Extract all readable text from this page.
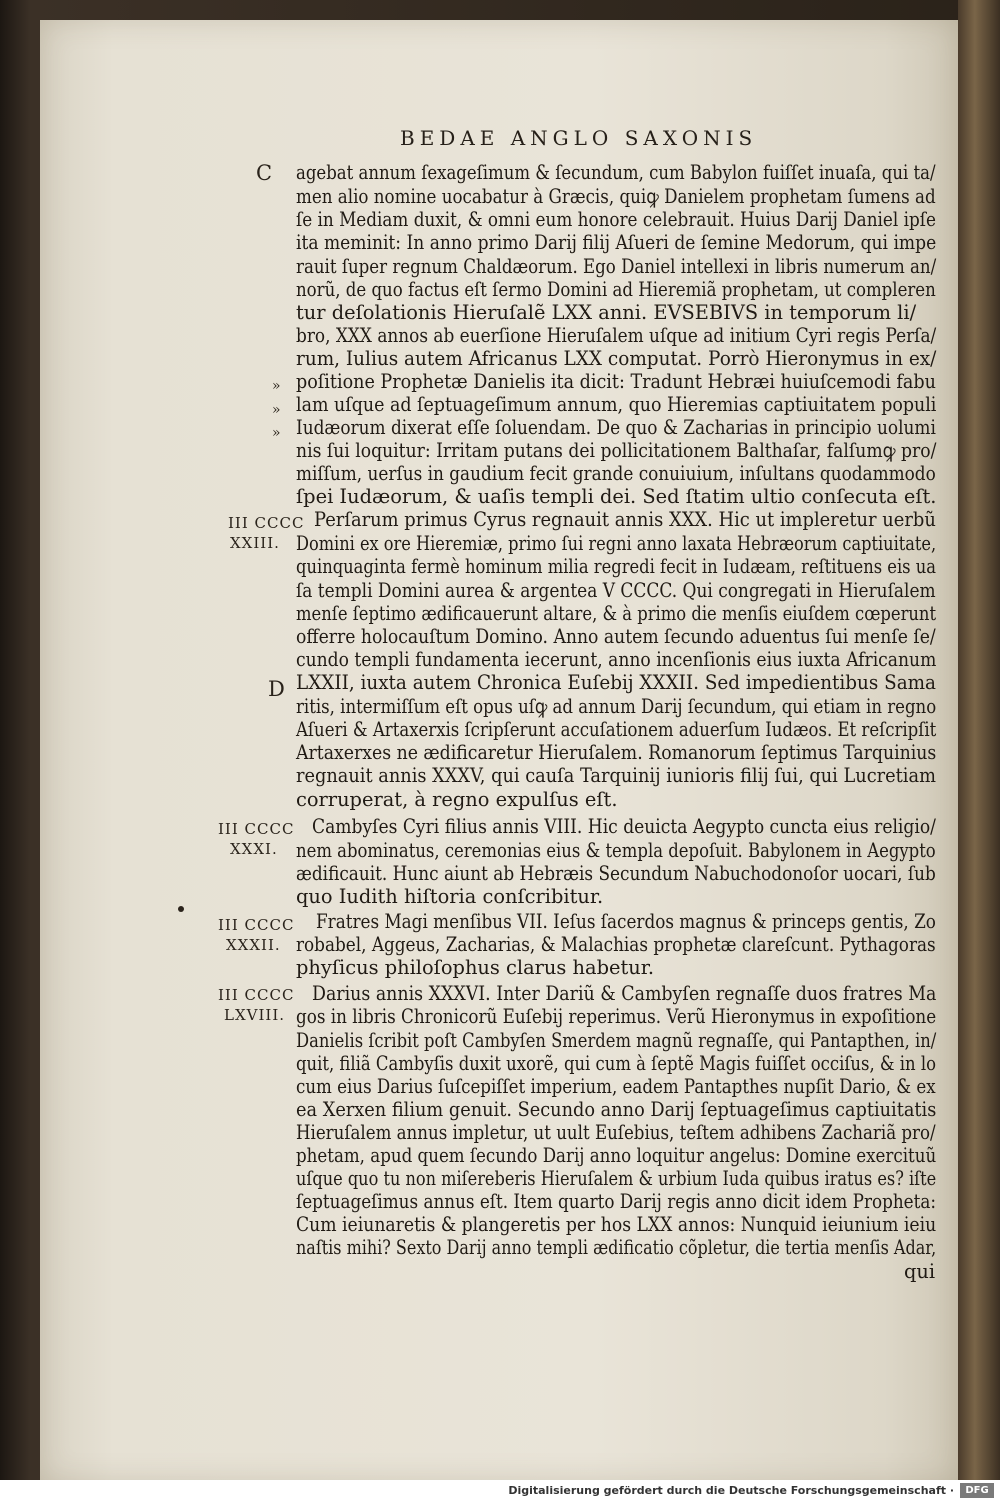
BEDAE ANGLO SAXONIS
agebat annum ſexageſimum & ſecundum, cum Babylon fuiſſet inuaſa, qui ta/
men alio nomine uocabatur à Græcis, quiꝙ Danielem prophetam ſumens ad
ſe in Mediam duxit, & omni eum honore celebrauit. Huius Darij Daniel ipſe
ita meminit: In anno primo Darij filij Aſueri de ſemine Medorum, qui impe
rauit ſuper regnum Chaldæorum. Ego Daniel intellexi in libris numerum an/
norũ, de quo factus eſt ſermo Domini ad Hieremiã prophetam, ut compleren
tur deſolationis Hieruſalẽ LXX anni. EVSEBIVS in temporum li/
bro, XXX annos ab euerſione Hieruſalem uſque ad initium Cyri regis Perſa/
rum, Iulius autem Africanus LXX computat. Porrò Hieronymus in ex/
poſitione Prophetæ Danielis ita dicit: Tradunt Hebræi huiuſcemodi fabu
lam uſque ad ſeptuageſimum annum, quo Hieremias captiuitatem populi
Iudæorum dixerat eſſe ſoluendam. De quo & Zacharias in principio uolumi
nis ſui loquitur: Irritam putans dei pollicitationem Balthaſar, falſumꝙ pro/
miſſum, uerſus in gaudium fecit grande conuiuium, inſultans quodammodo
ſpei Iudæorum, & uaſis templi dei. Sed ſtatim ultio conſecuta eſt.
Perſarum primus Cyrus regnauit annis XXX. Hic ut impleretur uerbũ
Domini ex ore Hieremiæ, primo ſui regni anno laxata Hebræorum captiuitate,
quinquaginta fermè hominum milia regredi fecit in Iudæam, reſtituens eis ua
ſa templi Domini aurea & argentea V CCCC. Qui congregati in Hieruſalem
menſe ſeptimo ædificauerunt altare, & à primo die menſis eiuſdem cœperunt
offerre holocauſtum Domino. Anno autem ſecundo aduentus ſui menſe ſe/
cundo templi fundamenta iecerunt, anno incenſionis eius iuxta Africanum
LXXII, iuxta autem Chronica Euſebij XXXII. Sed impedientibus Sama
ritis, intermiſſum eſt opus uſꝙ ad annum Darij ſecundum, qui etiam in regno
Aſueri & Artaxerxis ſcripſerunt accuſationem aduerſum Iudæos. Et reſcripſit
Artaxerxes ne ædificaretur Hieruſalem. Romanorum ſeptimus Tarquinius
regnauit annis XXXV, qui cauſa Tarquinij iunioris filij ſui, qui Lucretiam
corruperat, à regno expulſus eſt.
Cambyſes Cyri filius annis VIII. Hic deuicta Aegypto cuncta eius religio/
nem abominatus, ceremonias eius & templa depoſuit. Babylonem in Aegypto
ædificauit. Hunc aiunt ab Hebræis Secundum Nabuchodonoſor uocari, ſub
quo Iudith hiſtoria conſcribitur.
Fratres Magi menſibus VII. Ieſus ſacerdos magnus & princeps gentis, Zo
robabel, Aggeus, Zacharias, & Malachias prophetæ clareſcunt. Pythagoras
phyſicus philoſophus clarus habetur.
Darius annis XXXVI. Inter Dariũ & Cambyſen regnaſſe duos fratres Ma
gos in libris Chronicorũ Euſebij reperimus. Verũ Hieronymus in expoſitione
Danielis ſcribit poſt Cambyſen Smerdem magnũ regnaſſe, qui Pantapthen, in/
quit, filiã Cambyſis duxit uxorẽ, qui cum à ſeptẽ Magis fuiſſet occiſus, & in lo
cum eius Darius ſuſcepiſſet imperium, eadem Pantapthes nupſit Dario, & ex
ea Xerxen filium genuit. Secundo anno Darij ſeptuageſimus captiuitatis
Hieruſalem annus impletur, ut uult Euſebius, teſtem adhibens Zachariã pro/
phetam, apud quem ſecundo Darij anno loquitur angelus: Domine exercituũ
uſque quo tu non miſereberis Hieruſalem & urbium Iuda quibus iratus es? iſte
ſeptuageſimus annus eſt. Item quarto Darij regis anno dicit idem Propheta:
Cum ieiunaretis & plangeretis per hos LXX annos: Nunquid ieiunium ieiu
naſtis mihi? Sexto Darij anno templi ædificatio cõpletur, die tertia menſis Adar,
qui
C
»
»
»
III CCCC
XXIII.
D
III CCCC
XXXI.
III CCCC
XXXII.
III CCCC
LXVIII.
Digitalisierung gefördert durch die Deutsche Forschungsgemeinschaft ·	DFG
